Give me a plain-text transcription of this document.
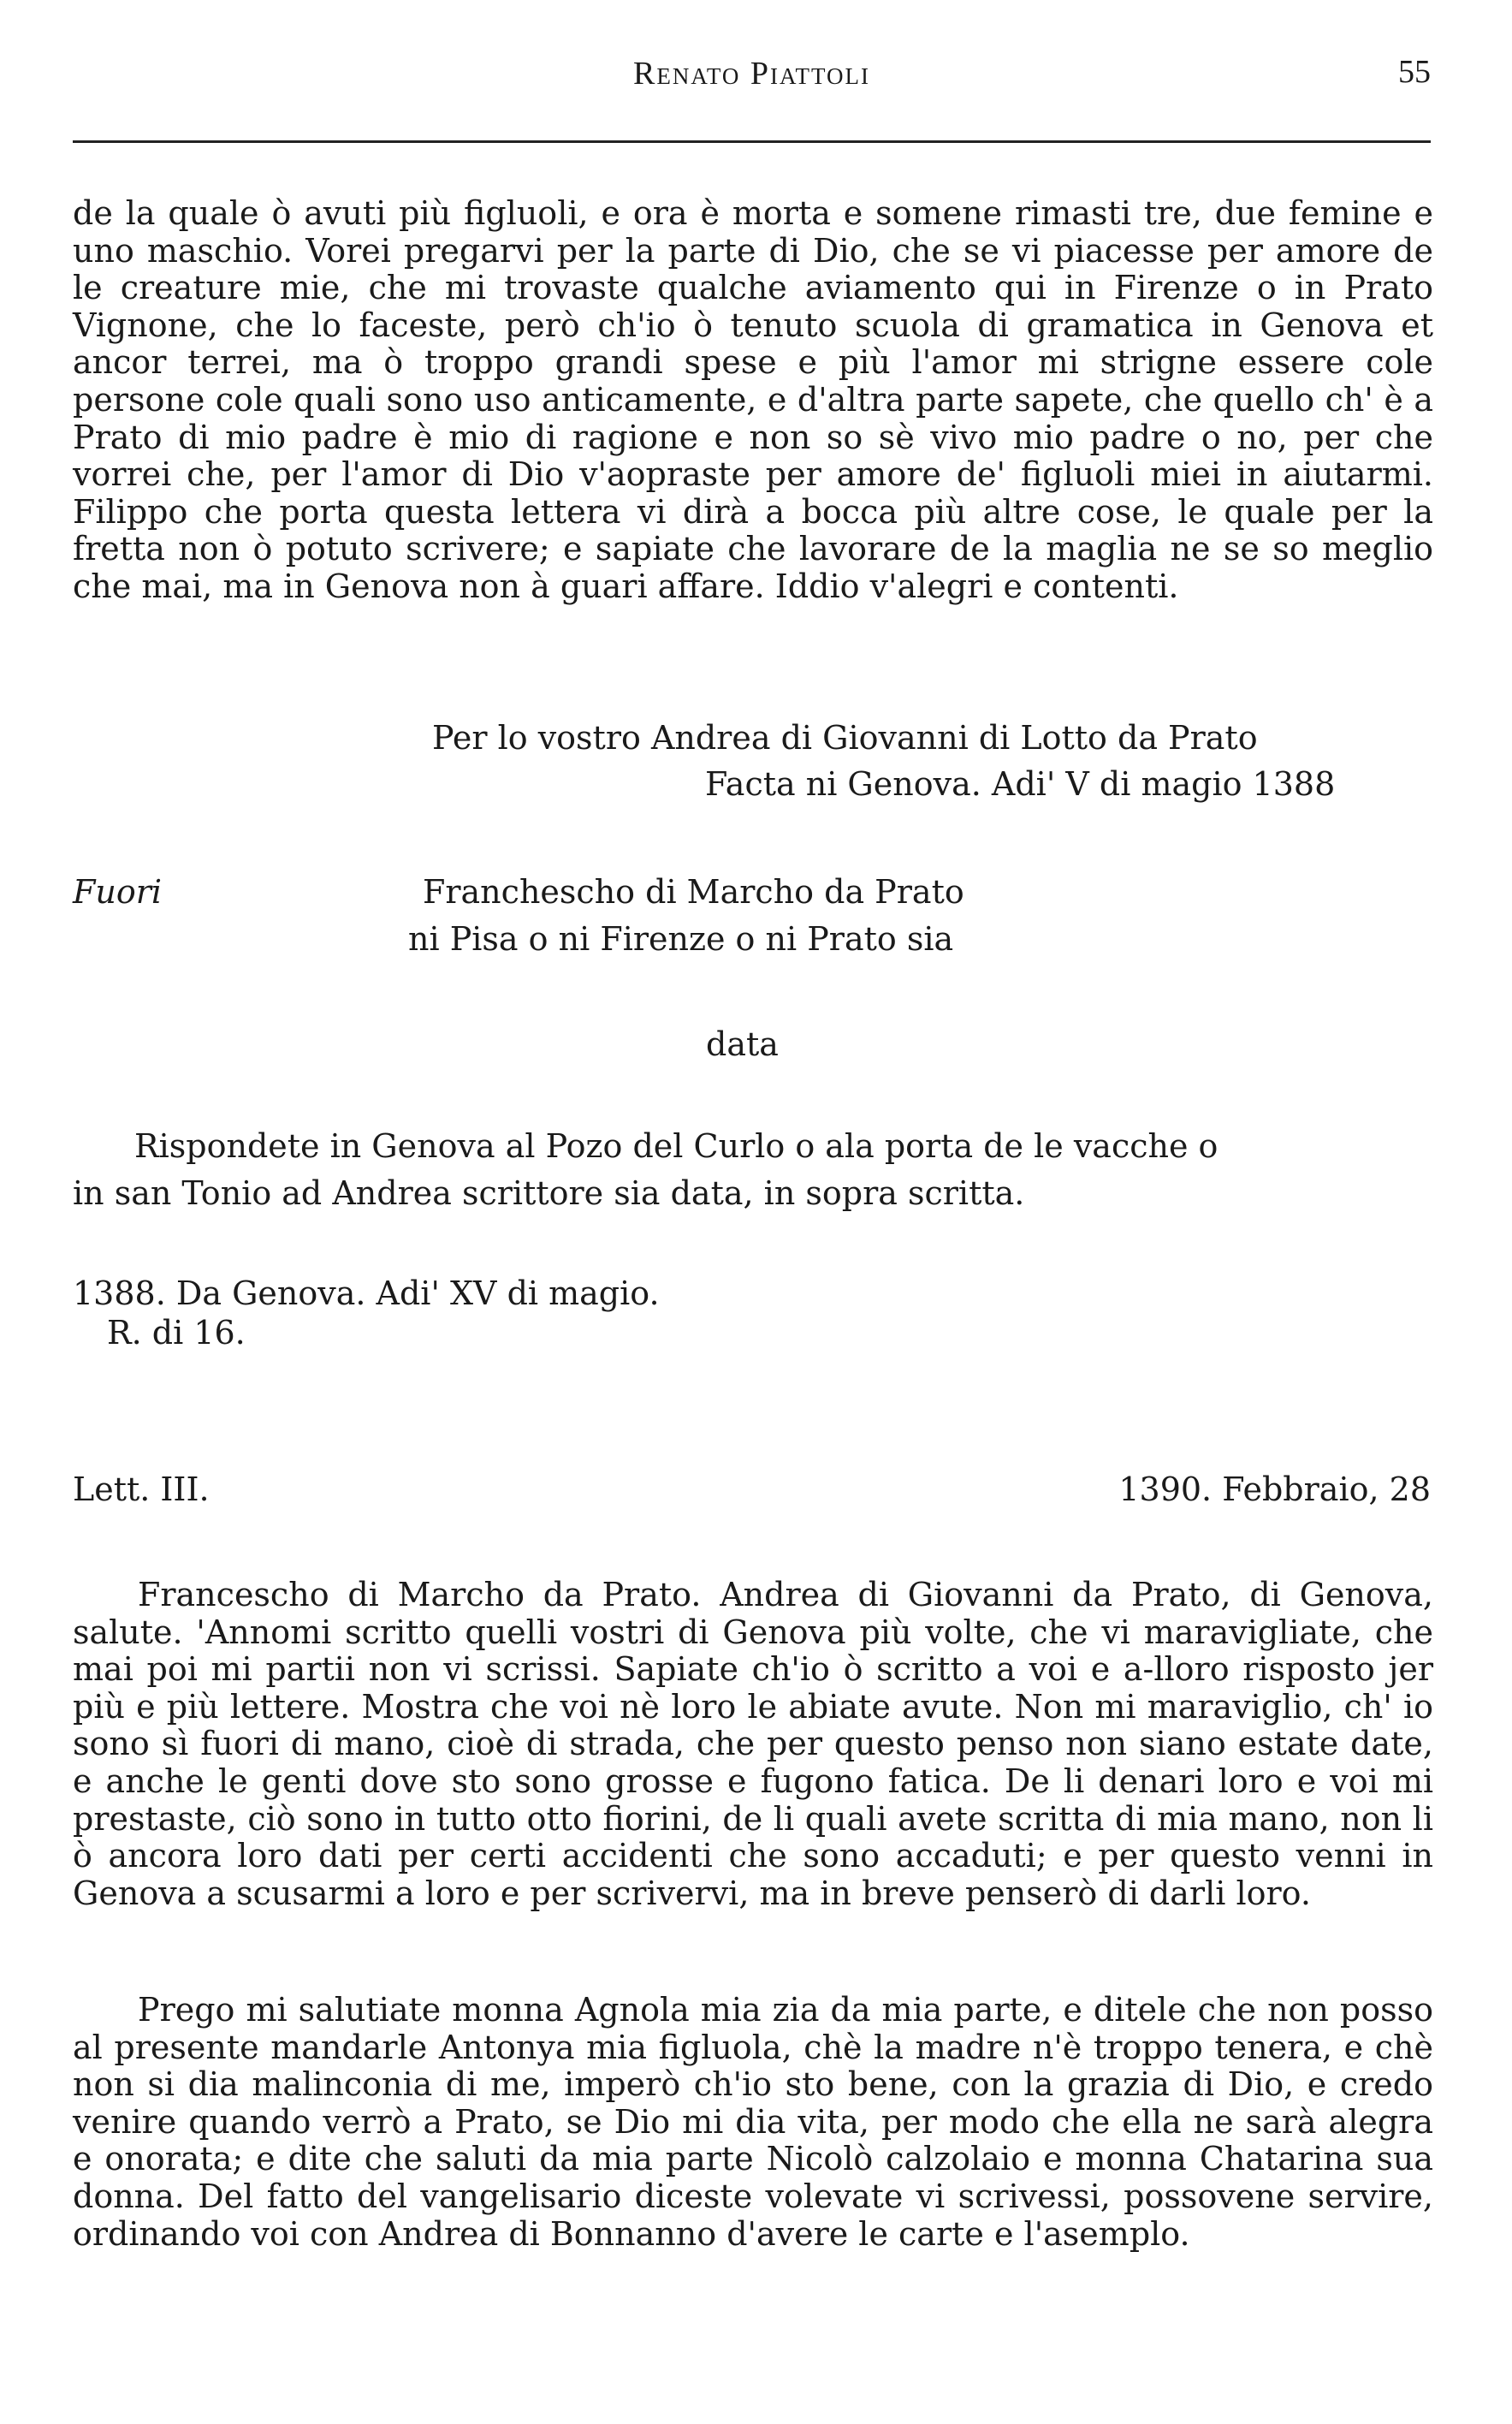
Renato Piattoli	55

de la quale ò avuti più figluoli, e ora è morta e somene rimasti tre, due femine e uno maschio. Vorei pregarvi per la parte di Dio, che se vi piacesse per amore de le creature mie, che mi trovaste qualche aviamento qui in Firenze o in Prato Vignone, che lo faceste, però ch'io ò tenuto scuola di gramatica in Genova et ancor terrei, ma ò troppo grandi spese e più l'amor mi strigne essere cole persone cole quali sono uso anticamente, e d'altra parte sapete, che quello ch' è a Prato di mio padre è mio di ragione e non so sè vivo mio padre o no, per che vorrei che, per l'amor di Dio v'aopraste per amore de' figluoli miei in aiutarmi. Filippo che porta questa lettera vi dirà a bocca più altre cose, le quale per la fretta non ò potuto scrivere; e sapiate che lavorare de la maglia ne se so meglio che mai, ma in Genova non à guari affare. Iddio v'alegri e contenti.

Per lo vostro Andrea di Giovanni di Lotto da Prato
Facta ni Genova. Adi' V di magio 1388
Fuori	Francheschо di Marcho da Prato
ni Pisa o ni Firenze o ni Prato sia
data
Rispondete in Genova al Pozo del Curlo o ala porta de le vacche o
in san Tonio ad Andrea scrittore sia data, in sopra scritta.
1388. Da Genova. Adi' XV di magio.
R. di 16.
Lett. III.	1390. Febbraio, 28

Francescho di Marcho da Prato. Andrea di Giovanni da Prato, di Genova, salute. 'Annomi scritto quelli vostri di Genova più volte, che vi maravigliate, che mai poi mi partii non vi scrissi. Sapiate ch'io ò scritto a voi e a-lloro risposto jer più e più lettere. Mostra che voi nè loro le abiate avute. Non mi maraviglio, ch' io sono sì fuori di mano, cioè di strada, che per questo penso non siano estate date, e anche le genti dove sto sono grosse e fugono fatica. De li denari loro e voi mi prestaste, ciò sono in tutto otto fiorini, de li quali avete scritta di mia mano, non li ò ancora loro dati per certi accidenti che sono accaduti; e per questo venni in Genova a scusarmi a loro e per scrivervi, ma in breve penserò di darli loro.

Prego mi salutiate monna Agnola mia zia da mia parte, e ditele che non posso al presente mandarle Antonya mia figluola, chè la madre n'è troppo tenera, e chè non si dia malinconia di me, imperò ch'io sto bene, con la grazia di Dio, e credo venire quando verrò a Prato, se Dio mi dia vita, per modo che ella ne sarà alegra e onorata; e dite che saluti da mia parte Nicolò calzolaio e monna Chatarina sua donna. Del fatto del vangelisario diceste volevate vi scrivessi, possovene servire, ordinando voi con Andrea di Bonnanno d'avere le carte e l'asemplo.
